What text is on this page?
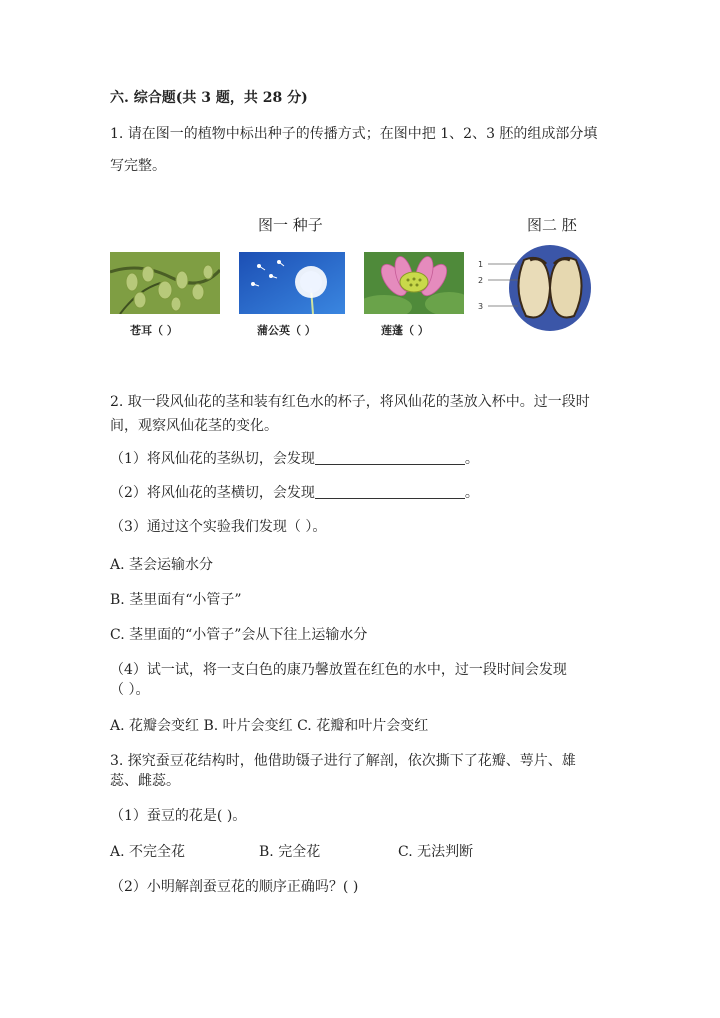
六. 综合题(共 3 题，共 28 分)
1. 请在图一的植物中标出种子的传播方式；在图中把 1、2、3 胚的组成部分填
写完整。
图一 种子	图二 胚
苍耳（ ）	蒲公英（ ）	莲蓬（ ）
1
2
3
2. 取一段风仙花的茎和装有红色水的杯子，将风仙花的茎放入杯中。过一段时
间，观察风仙花茎的变化。
（1）将风仙花的茎纵切，会发现	。
（2）将风仙花的茎横切，会发现	。
（3）通过这个实验我们发现（ ）。
A. 茎会运输水分
B. 茎里面有“小管子”
C. 茎里面的“小管子”会从下往上运输水分
（4）试一试，将一支白色的康乃馨放置在红色的水中，过一段时间会发现
（ ）。
A. 花瓣会变红 B. 叶片会变红 C. 花瓣和叶片会变红
3. 探究蚕豆花结构时，他借助镊子进行了解剖，依次撕下了花瓣、萼片、雄
蕊、雌蕊。
（1）蚕豆的花是( )。
A. 不完全花	B. 完全花	C. 无法判断
（2）小明解剖蚕豆花的顺序正确吗？( )
